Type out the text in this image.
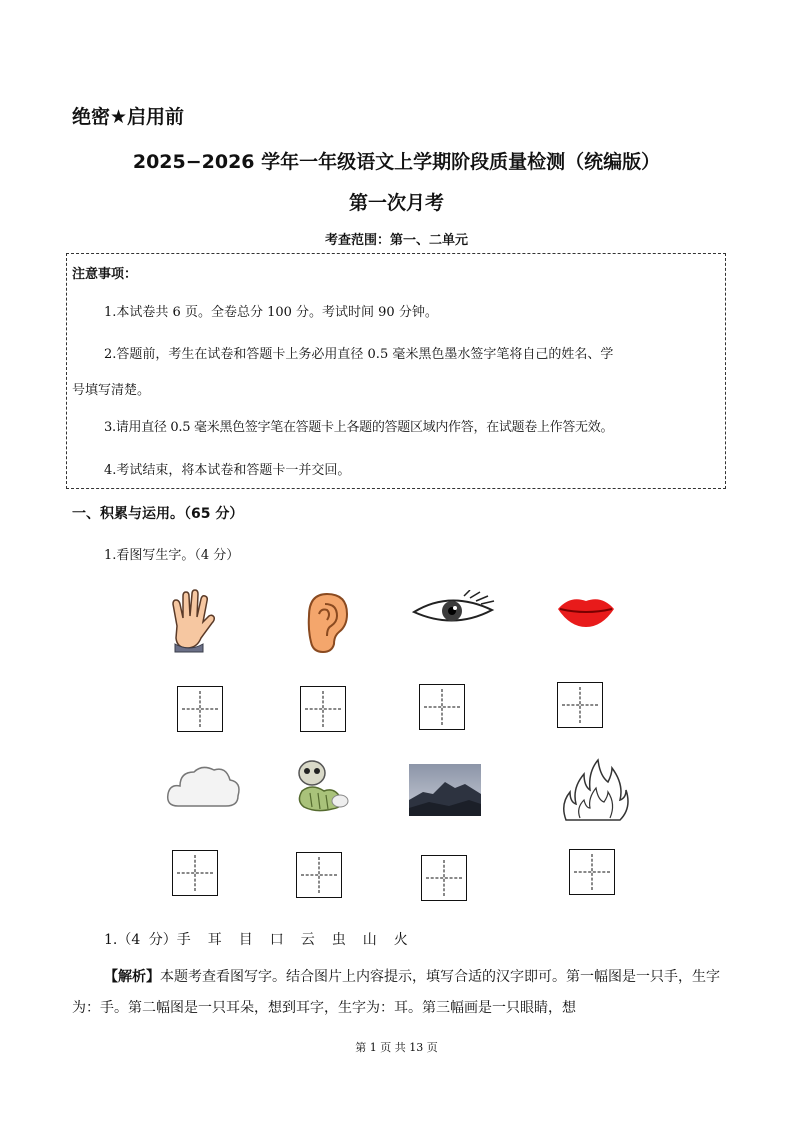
绝密★启用前
2025−2026 学年一年级语文上学期阶段质量检测（统编版）
第一次月考
考查范围：第一、二单元
注意事项：
1.本试卷共 6 页。全卷总分 100 分。考试时间 90 分钟。
2.答题前，考生在试卷和答题卡上务必用直径 0.5 毫米黑色墨水签字笔将自己的姓名、学
号填写清楚。
3.请用直径 0.5 毫米黑色签字笔在答题卡上各题的答题区域内作答，在试题卷上作答无效。
4.考试结束，将本试卷和答题卡一并交回。
一、积累与运用。（65 分）
1.看图写生字。（4 分）
1.（4 分）手 耳 目 口 云 虫 山 火
【解析】本题考查看图写字。结合图片上内容提示，填写合适的汉字即可。第一幅图是一只手，生字为：手。第二幅图是一只耳朵，想到耳字，生字为：耳。第三幅画是一只眼睛，想
第 1 页 共 13 页
